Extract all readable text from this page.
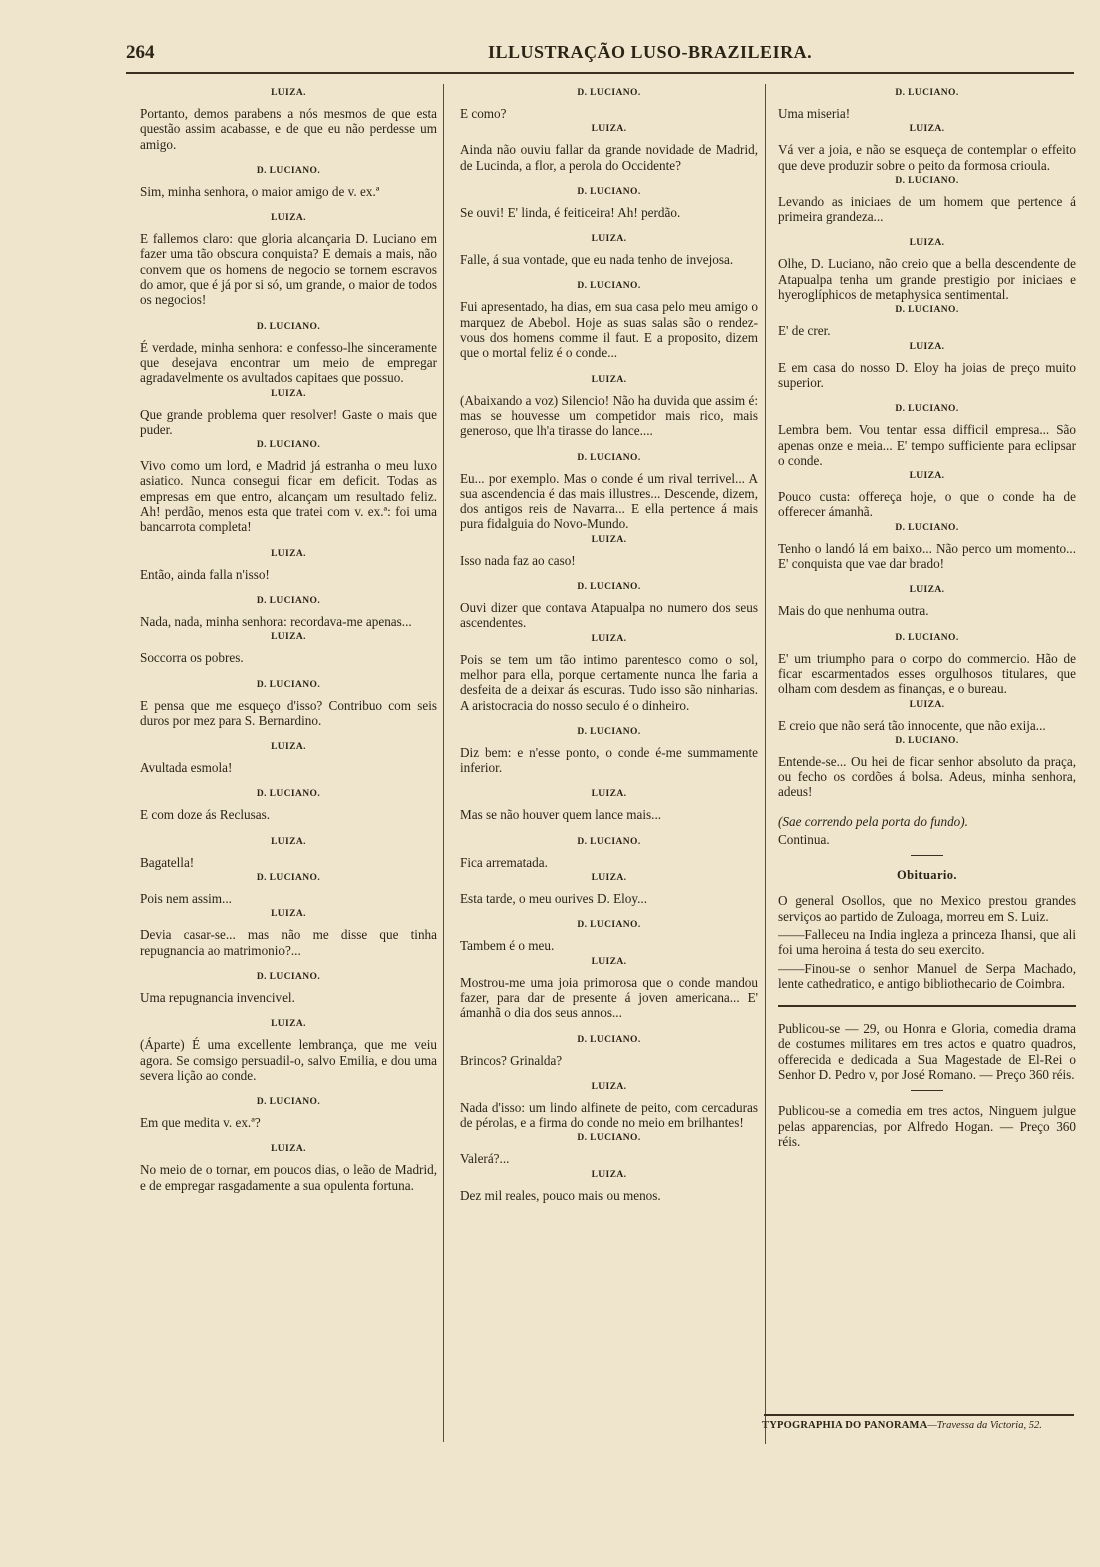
264	ILLUSTRAÇÃO LUSO-BRAZILEIRA.
LUIZA.
Portanto, demos parabens a nós mesmos de que esta questão assim acabasse, e de que eu não perdesse um amigo.
D. LUCIANO.
Sim, minha senhora, o maior amigo de v. ex.ª
LUIZA.
E fallemos claro: que gloria alcançaria D. Luciano em fazer uma tão obscura conquista? E demais a mais, não convem que os homens de negocio se tornem escravos do amor, que é já por si só, um grande, o maior de todos os negocios!
D. LUCIANO.
É verdade, minha senhora: e confesso-lhe sinceramente que desejava encontrar um meio de empregar agradavelmente os avultados capitaes que possuo.
LUIZA.
Que grande problema quer resolver! Gaste o mais que puder.
D. LUCIANO.
Vivo como um lord, e Madrid já estranha o meu luxo asiatico. Nunca consegui ficar em deficit. Todas as empresas em que entro, alcançam um resultado feliz. Ah! perdão, menos esta que tratei com v. ex.ª: foi uma bancarrota completa!
LUIZA.
Então, ainda falla n'isso!
D. LUCIANO.
Nada, nada, minha senhora: recordava-me apenas...
LUIZA.
Soccorra os pobres.
D. LUCIANO.
E pensa que me esqueço d'isso? Contribuo com seis duros por mez para S. Bernardino.
LUIZA.
Avultada esmola!
D. LUCIANO.
E com doze ás Reclusas.
LUIZA.
Bagatella!
D. LUCIANO.
Pois nem assim...
LUIZA.
Devia casar-se... mas não me disse que tinha repugnancia ao matrimonio?...
D. LUCIANO.
Uma repugnancia invencivel.
LUIZA.
(Áparte) É uma excellente lembrança, que me veiu agora. Se comsigo persuadil-o, salvo Emilia, e dou uma severa lição ao conde.
D. LUCIANO.
Em que medita v. ex.ª?
LUIZA.
No meio de o tornar, em poucos dias, o leão de Madrid, e de empregar rasgadamente a sua opulenta fortuna.
D. LUCIANO.
E como?
LUIZA.
Ainda não ouviu fallar da grande novidade de Madrid, de Lucinda, a flor, a perola do Occidente?
D. LUCIANO.
Se ouvi! E' linda, é feiticeira! Ah! perdão.
LUIZA.
Falle, á sua vontade, que eu nada tenho de invejosa.
D. LUCIANO.
Fui apresentado, ha dias, em sua casa pelo meu amigo o marquez de Abebol. Hoje as suas salas são o rendez-vous dos homens comme il faut. E a proposito, dizem que o mortal feliz é o conde...
LUIZA.
(Abaixando a voz) Silencio! Não ha duvida que assim é: mas se houvesse um competidor mais rico, mais generoso, que lh'a tirasse do lance....
D. LUCIANO.
Eu... por exemplo. Mas o conde é um rival terrivel... A sua ascendencia é das mais illustres... Descende, dizem, dos antigos reis de Navarra... E ella pertence á mais pura fidalguia do Novo-Mundo.
LUIZA.
Isso nada faz ao caso!
D. LUCIANO.
Ouvi dizer que contava Atapualpa no numero dos seus ascendentes.
LUIZA.
Pois se tem um tão intimo parentesco como o sol, melhor para ella, porque certamente nunca lhe faria a desfeita de a deixar ás escuras. Tudo isso são ninharias. A aristocracia do nosso seculo é o dinheiro.
D. LUCIANO.
Diz bem: e n'esse ponto, o conde é-me summamente inferior.
LUIZA.
Mas se não houver quem lance mais...
D. LUCIANO.
Fica arrematada.
LUIZA.
Esta tarde, o meu ourives D. Eloy...
D. LUCIANO.
Tambem é o meu.
LUIZA.
Mostrou-me uma joia primorosa que o conde mandou fazer, para dar de presente á joven americana... E' ámanhã o dia dos seus annos...
D. LUCIANO.
Brincos? Grinalda?
LUIZA.
Nada d'isso: um lindo alfinete de peito, com cercaduras de pérolas, e a firma do conde no meio em brilhantes!
D. LUCIANO.
Valerá?...
LUIZA.
Dez mil reales, pouco mais ou menos.
D. LUCIANO.
Uma miseria!
LUIZA.
Vá ver a joia, e não se esqueça de contemplar o effeito que deve produzir sobre o peito da formosa crioula.
D. LUCIANO.
Levando as iniciaes de um homem que pertence á primeira grandeza...
LUIZA.
Olhe, D. Luciano, não creio que a bella descendente de Atapualpa tenha um grande prestigio por iniciaes e hyeroglíphicos de metaphysica sentimental.
D. LUCIANO.
E' de crer.
LUIZA.
E em casa do nosso D. Eloy ha joias de preço muito superior.
D. LUCIANO.
Lembra bem. Vou tentar essa difficil empresa... São apenas onze e meia... E' tempo sufficiente para eclipsar o conde.
LUIZA.
Pouco custa: offereça hoje, o que o conde ha de offerecer ámanhã.
D. LUCIANO.
Tenho o landó lá em baixo... Não perco um momento... E' conquista que vae dar brado!
LUIZA.
Mais do que nenhuma outra.
D. LUCIANO.
E' um triumpho para o corpo do commercio. Hão de ficar escarmentados esses orgulhosos titulares, que olham com desdem as finanças, e o bureau.
LUIZA.
E creio que não será tão innocente, que não exija...
D. LUCIANO.
Entende-se... Ou hei de ficar senhor absoluto da praça, ou fecho os cordões á bolsa. Adeus, minha senhora, adeus!
(Sae correndo pela porta do fundo).
Continua.
Obituario.
O general Osollos, que no Mexico prestou grandes serviços ao partido de Zuloaga, morreu em S. Luiz.
——Falleceu na India ingleza a princeza Ihansi, que ali foi uma heroina á testa do seu exercito.
——Finou-se o senhor Manuel de Serpa Machado, lente cathedratico, e antigo bibliothecario de Coimbra.
Publicou-se — 29, ou Honra e Gloria, comedia drama de costumes militares em tres actos e quatro quadros, offerecida e dedicada a Sua Magestade de El-Rei o Senhor D. Pedro v, por José Romano. — Preço 360 réis.
Publicou-se a comedia em tres actos, Ninguem julgue pelas apparencias, por Alfredo Hogan. — Preço 360 réis.
TYPOGRAPHIA DO PANORAMA—Travessa da Victoria, 52.
